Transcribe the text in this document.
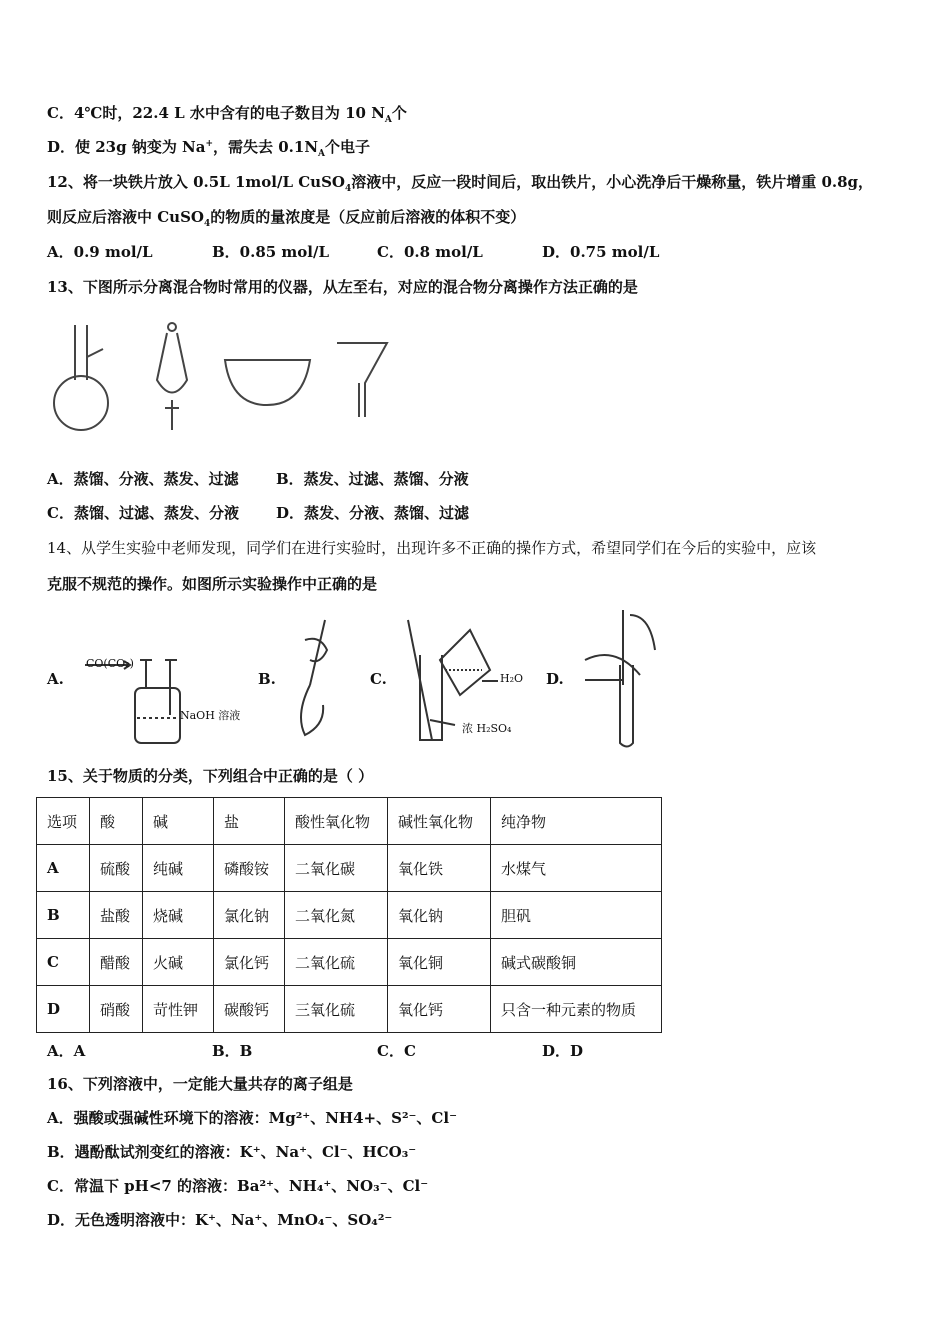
C．4℃时，22.4 L 水中含有的电子数目为 10 $N_A$个
D．使 23g 钠变为 Na+，需失去 $0.1N_A$个电子
12、将一块铁片放入 0.5L 1mol/L CuSO$_4$溶液中，反应一段时间后，取出铁片，小心洗净后干燥称量，铁片增重 0.8g，
则反应后溶液中 CuSO$_4$的物质的量浓度是（反应前后溶液的体积不变）
A．0.9 mol/L	B．0.85 mol/L	C．0.8 mol/L	D．0.75 mol/L
13、下图所示分离混合物时常用的仪器，从左至右，对应的混合物分离操作方法正确的是
A．蒸馏、分液、蒸发、过滤 B．蒸发、过滤、蒸馏、分液
C．蒸馏、过滤、蒸发、分液 D．蒸发、分液、蒸馏、过滤
14、从学生实验中老师发现，同学们在进行实验时，出现许多不正确的操作方式，希望同学们在今后的实验中，应该
克服不规范的操作。如图所示实验操作中正确的是
A.	B.	C.	D.
CO(CO₂)
NaOH 溶液
H₂O
浓 H₂SO₄
15、关于物质的分类，下列组合中正确的是（ ）
选项	酸	碱	盐	酸性氧化物	碱性氧化物	纯净物
A	硫酸	纯碱	磷酸铵	二氧化碳	氧化铁	水煤气
B	盐酸	烧碱	氯化钠	二氧化氮	氧化钠	胆矾
C	醋酸	火碱	氯化钙	二氧化硫	氧化铜	碱式碳酸铜
D	硝酸	苛性钾	碳酸钙	三氧化硫	氧化钙	只含一种元素的物质
A．A	B．B	C．C	D．D
16、下列溶液中，一定能大量共存的离子组是
A．强酸或强碱性环境下的溶液：Mg²⁺、NH4+、S²⁻、Cl⁻
B．遇酚酞试剂变红的溶液：K⁺、Na⁺、Cl⁻、HCO₃⁻
C．常温下 pH<7 的溶液：Ba²⁺、NH₄⁺、NO₃⁻、Cl⁻
D．无色透明溶液中：K⁺、Na⁺、MnO₄⁻、SO₄²⁻
